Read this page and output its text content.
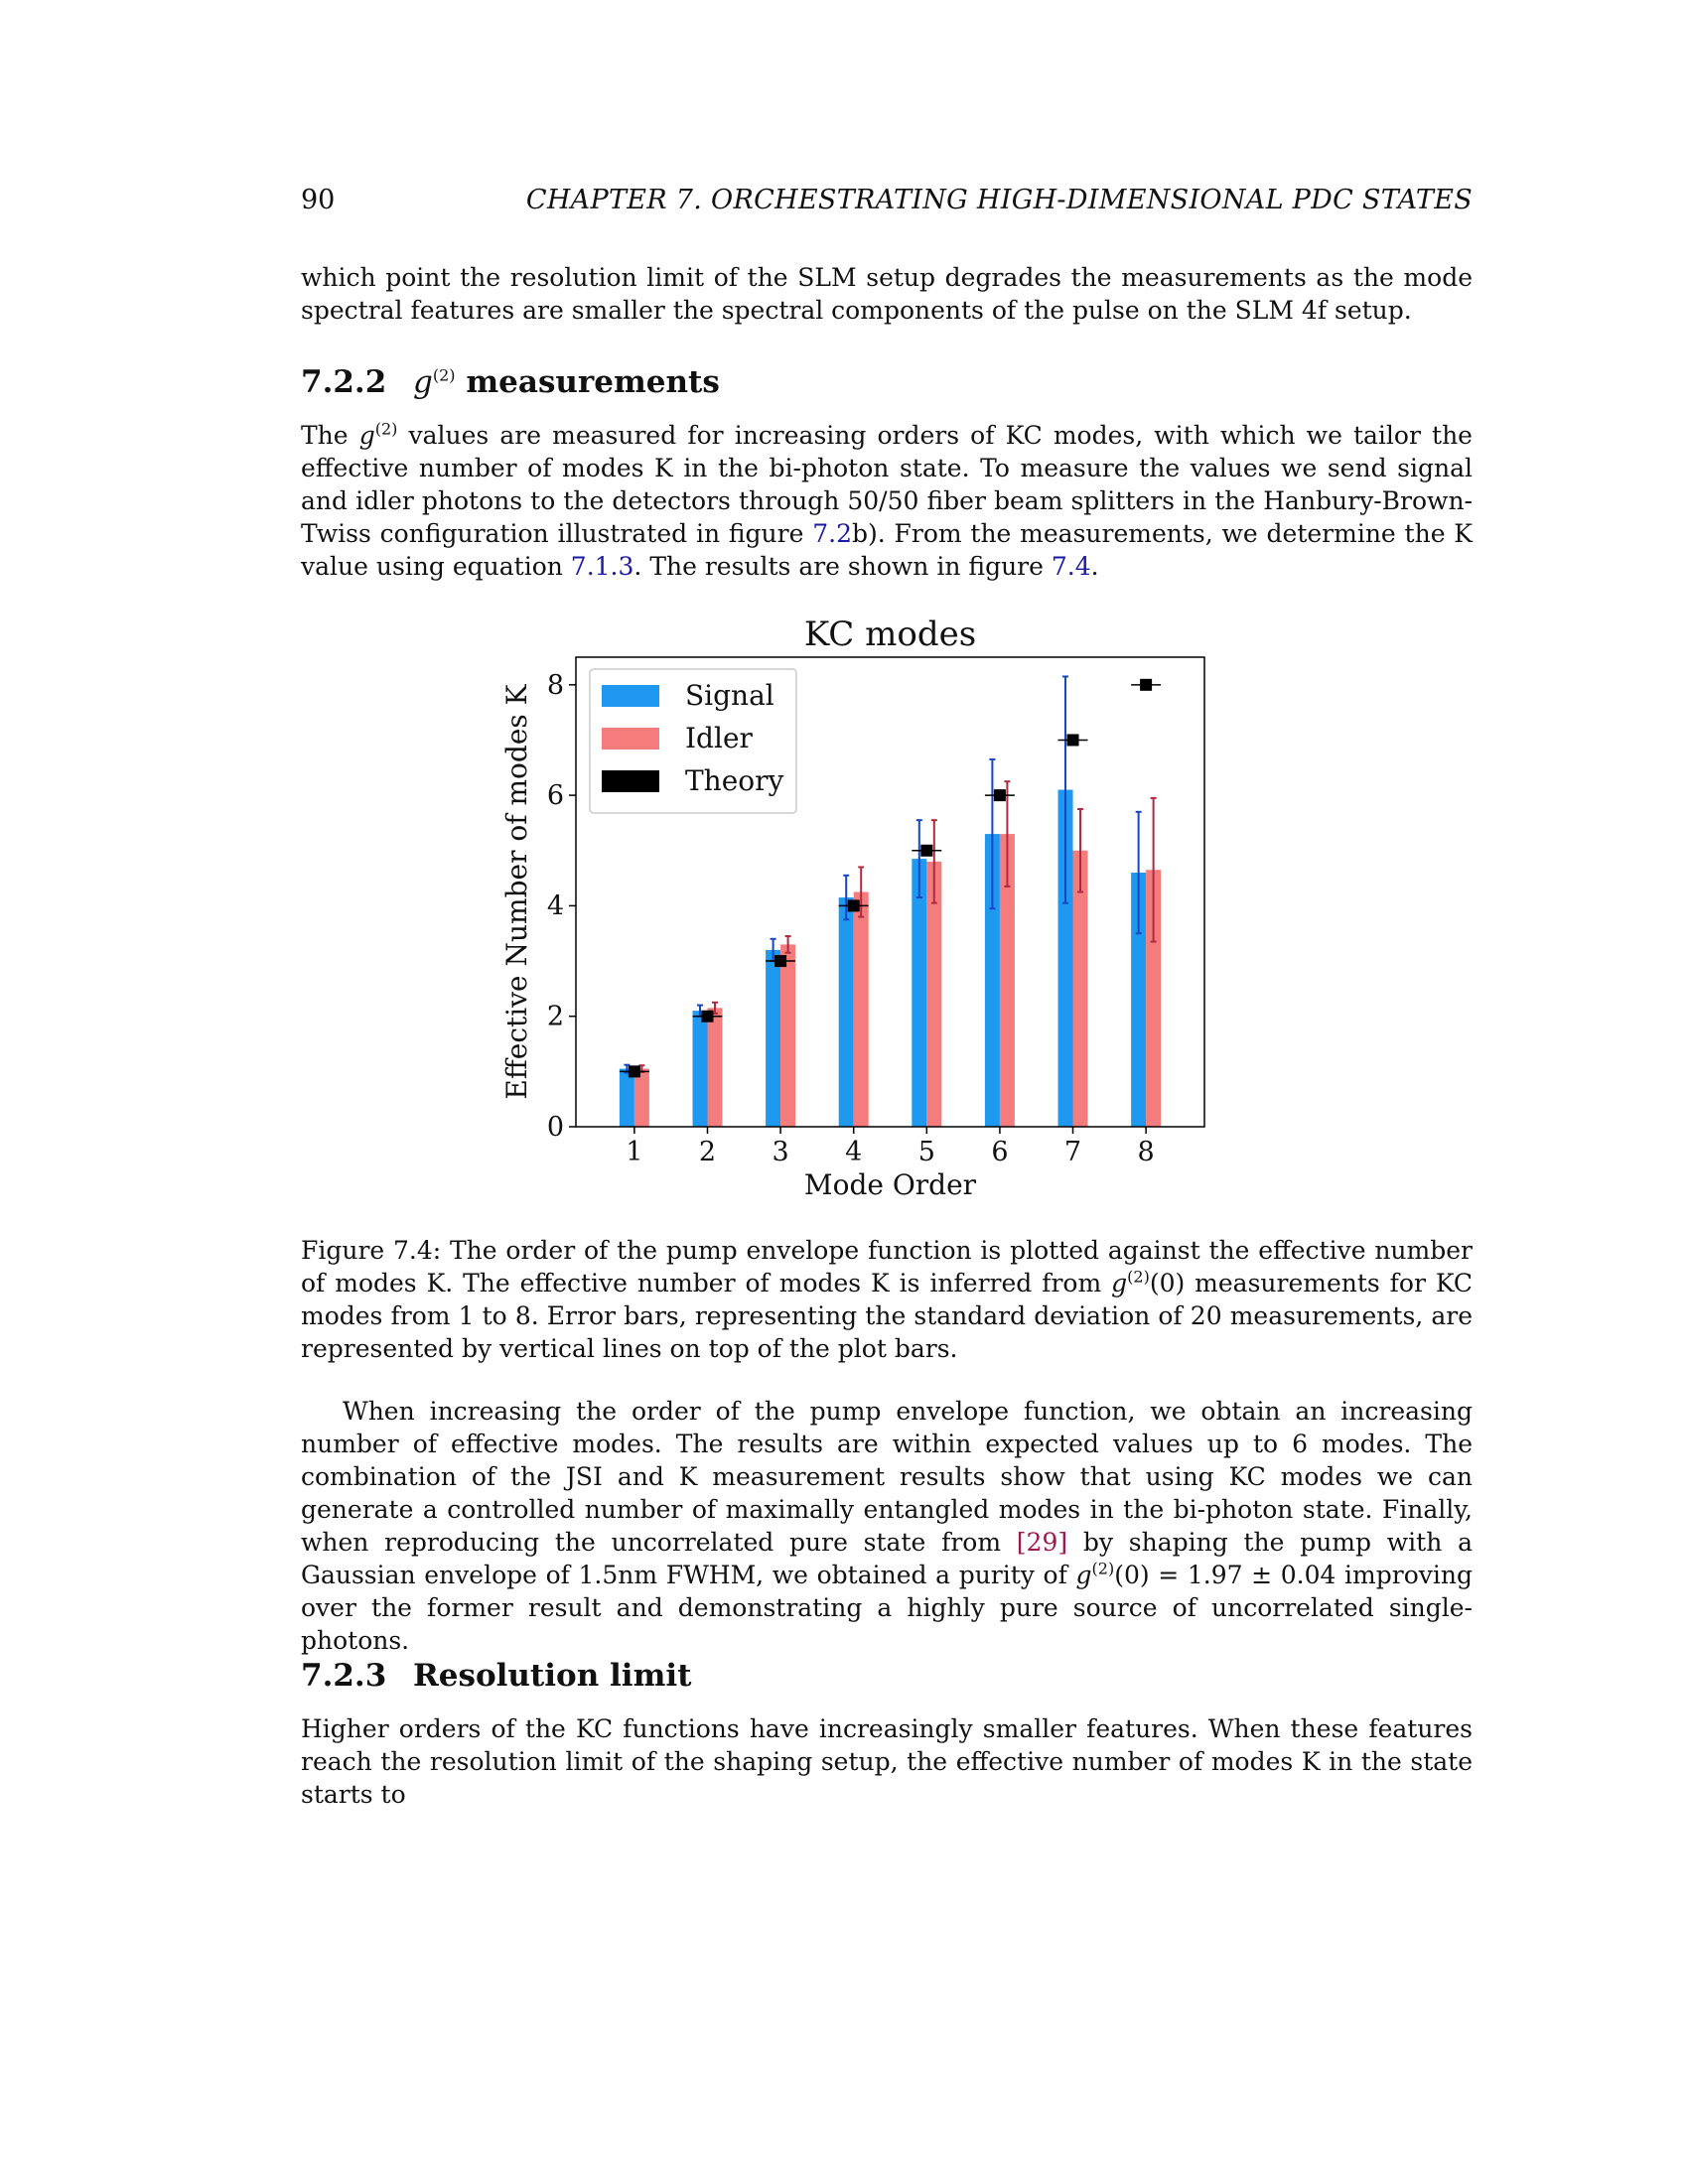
90	CHAPTER 7. ORCHESTRATING HIGH-DIMENSIONAL PDC STATES

which point the resolution limit of the SLM setup degrades the measurements as the mode spectral features are smaller the spectral components of the pulse on the SLM 4f setup.

7.2.2 $g^{(2)}$ measurements

The $g^{(2)}$ values are measured for increasing orders of KC modes, with which we tailor the effective number of modes K in the bi-photon state. To measure the values we send signal and idler photons to the detectors through 50/50 fiber beam splitters in the Hanbury-Brown-Twiss configuration illustrated in figure 7.2b). From the measurements, we determine the K value using equation 7.1.3. The results are shown in figure 7.4.

KC modes
1 2 3 4 5 6 7 8
0
2
4
6
8
Mode Order
Effective Number of modes K	Signal
Idler
Theory

Figure 7.4: The order of the pump envelope function is plotted against the effective number of modes K. The effective number of modes K is inferred from $g^{(2)}(0)$ measurements for KC modes from 1 to 8. Error bars, representing the standard deviation of 20 measurements, are represented by vertical lines on top of the plot bars.

When increasing the order of the pump envelope function, we obtain an increasing number of effective modes. The results are within expected values up to 6 modes. The combination of the JSI and K measurement results show that using KC modes we can generate a controlled number of maximally entangled modes in the bi-photon state. Finally, when reproducing the uncorrelated pure state from [29] by shaping the pump with a Gaussian envelope of 1.5nm FWHM, we obtained a purity of $g^{(2)}(0) = 1.97 \pm 0.04$ improving over the former result and demonstrating a highly pure source of uncorrelated single-photons.

7.2.3 Resolution limit

Higher orders of the KC functions have increasingly smaller features. When these features reach the resolution limit of the shaping setup, the effective number of modes K in the state starts to
